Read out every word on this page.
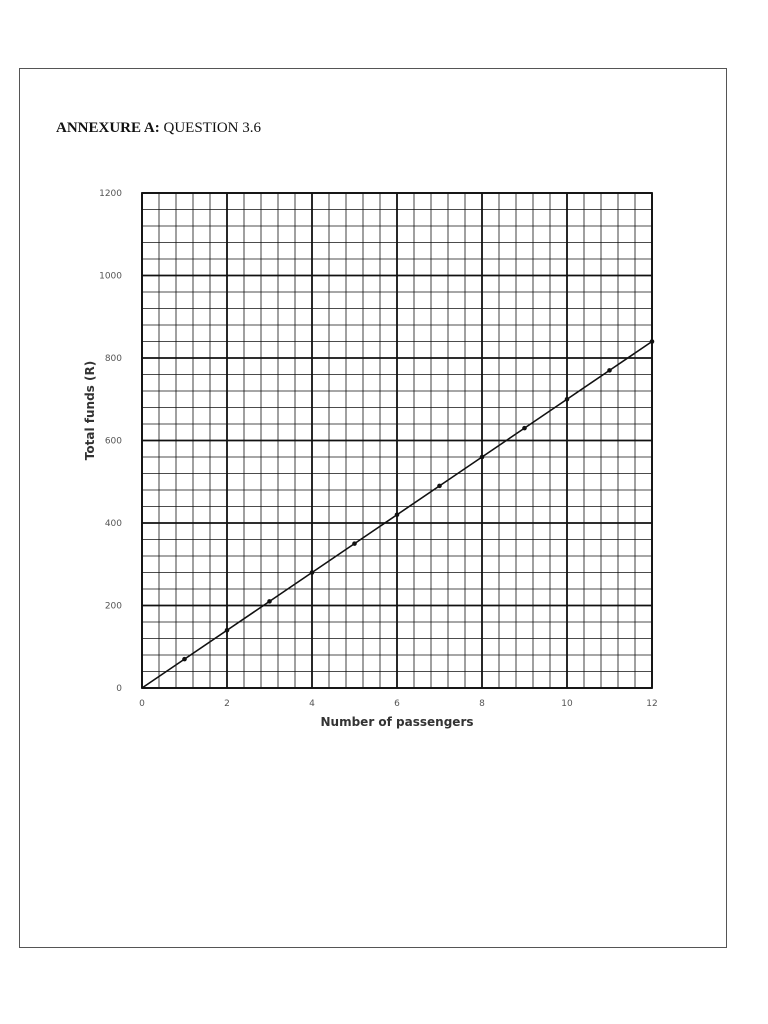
ANNEXURE A: QUESTION 3.6
0	2	4	6	8	10	12
0
200
400
600
800
1000
1200
Number of passengers
Total funds (R)
